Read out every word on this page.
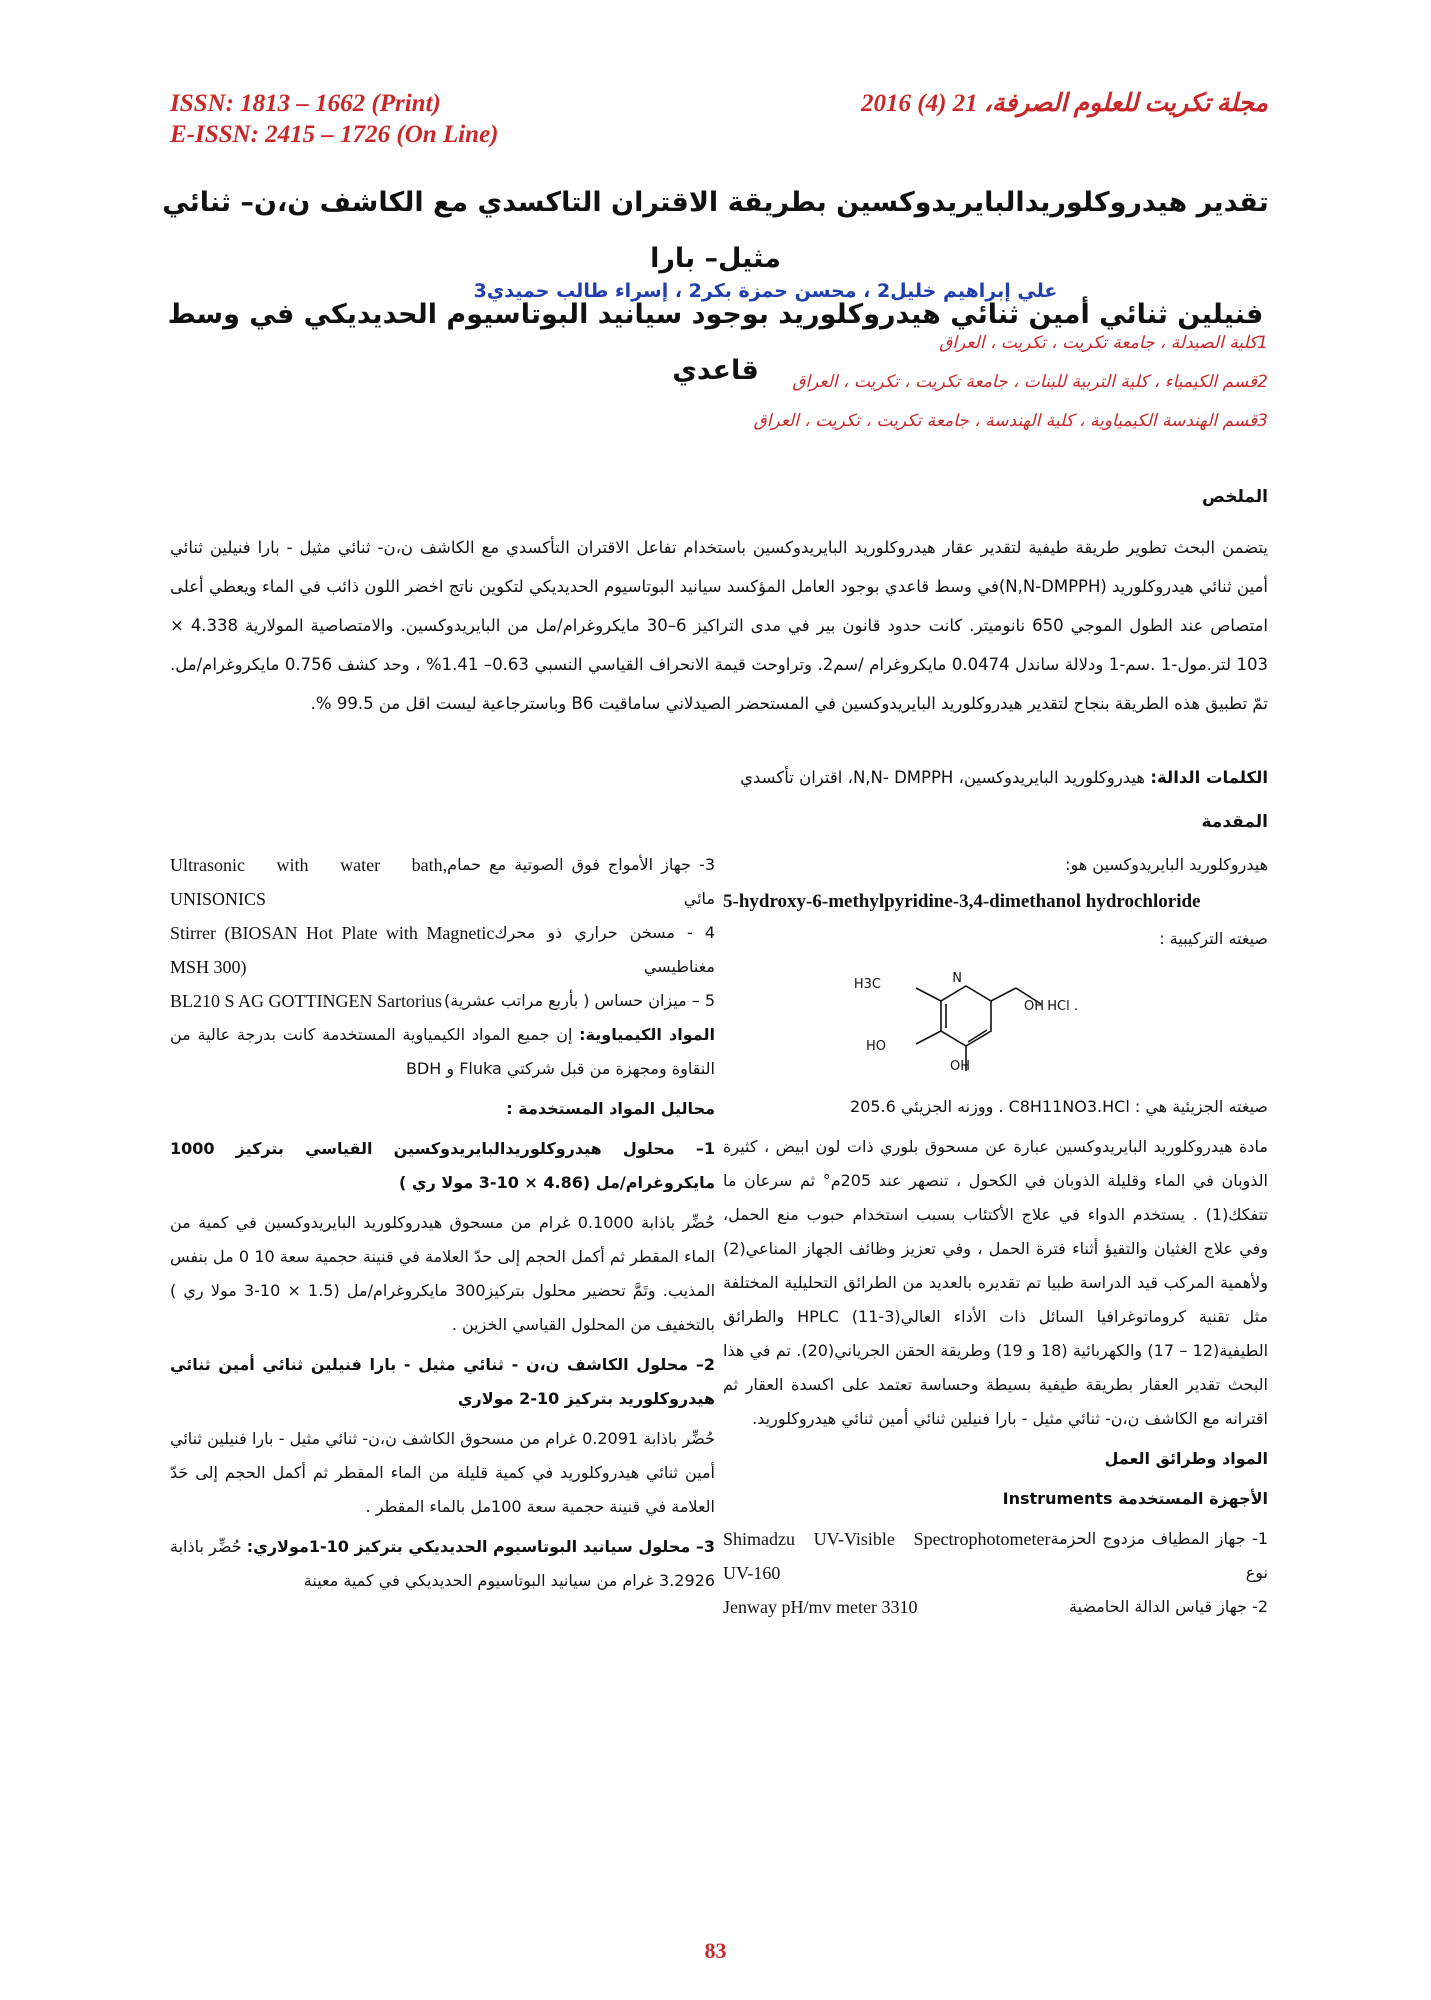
ISSN: 1813 – 1662 (Print)
E-ISSN: 2415 – 1726 (On Line)
مجلة تكريت للعلوم الصرفة، 21 (4) 2016
تقدير هيدروكلوريدالبايريدوكسين بطريقة الاقتران التاكسدي مع الكاشف ن،ن– ثنائي مثيل– بارا
فنيلين ثنائي أمين ثنائي هيدروكلوريد بوجود سيانيد البوتاسيوم الحديديكي في وسط قاعدي
علي إبراهيم خليل2 ، محسن حمزة بكر2 ، إسراء طالب حميدي3
1كلية الصيدلة ، جامعة تكريت ، تكريت ، العراق
2قسم الكيمياء ، كلية التربية للبنات ، جامعة تكريت ، تكريت ، العراق
3قسم الهندسة الكيمياوية ، كلية الهندسة ، جامعة تكريت ، تكريت ، العراق
الملخص

يتضمن البحث تطوير طريقة طيفية لتقدير عقار هيدروكلوريد البايريدوكسين باستخدام تفاعل الاقتران التأكسدي مع الكاشف ن،ن- ثنائي مثيل - بارا فنيلين ثنائي أمين ثنائي هيدروكلوريد (N,N-DMPPH)في وسط قاعدي بوجود العامل المؤكسد سيانيد البوتاسيوم الحديديكي لتكوين ناتج اخضر اللون ذائب في الماء ويعطي أعلى امتصاص عند الطول الموجي 650 نانوميتر. كانت حدود قانون بير في مدى التراكيز 6–30 مايكروغرام/مل من البايريدوكسين. والامتصاصية المولارية 4.338 × 103 لتر.مول-1 .سم-1 ودلالة ساندل 0.0474 مايكروغرام /سم2. وتراوحت قيمة الانحراف القياسي النسبي 0.63– 1.41% ، وحد كشف 0.756 مايكروغرام/مل. تمّ تطبيق هذه الطريقة بنجاح لتقدير هيدروكلوريد البايريدوكسين في المستحضر الصيدلاني ساماقيت B6 وباسترجاعية ليست اقل من 99.5 %.

الكلمات الدالة: هيدروكلوريد البايريدوكسين، N,N- DMPPH، اقتران تأكسدي
المقدمة

هيدروكلوريد البايريدوكسين هو:

5-hydroxy-6-methylpyridine-3,4-dimethanol hydrochloride

صيغته التركيبية :

H3C	N
HO
OH
OH
. HCl

صيغته الجزيئية هي : C8H11NO3.HCl . ووزنه الجزيئي 205.6

مادة هيدروكلوريد البايريدوكسين عبارة عن مسحوق بلوري ذات لون ابيض ، كثيرة الذوبان في الماء وقليلة الذوبان في الكحول ، تنصهر عند 205م° ثم سرعان ما تتفكك(1) . يستخدم الدواء في علاج الأكتئاب بسبب استخدام حبوب منع الحمل، وفي علاج الغثيان والتقيؤ أثناء فترة الحمل ، وفي تعزيز وظائف الجهاز المناعي(2) ولأهمية المركب قيد الدراسة طبيا تم تقديره بالعديد من الطرائق التحليلية المختلفة مثل تقنية كروماتوغرافيا السائل ذات الأداء العالي(3-11) HPLC والطرائق الطيفية(12 – 17) والكهربائية (18 و 19) وطريقة الحقن الجرياني(20). تم في هذا البحث تقدير العقار بطريقة طيفية بسيطة وحساسة تعتمد على اكسدة العقار ثم اقترانه مع الكاشف ن،ن- ثنائي مثيل - بارا فنيلين ثنائي أمين ثنائي هيدروكلوريد.

المواد وطرائق العمل

الأجهزة المستخدمة Instruments

1- جهاز المطياف مزدوج الحزمة نوع
Shimadzu UV-Visible Spectrophotometer UV-160
2- جهاز قياس الدالة الحامضية
Jenway pH/mv meter 3310
3- جهاز الأمواج فوق الصوتية مع حمام مائي
Ultrasonic with water bath, UNISONICS
4 - مسخن حراري ذو محرك مغناطيسي
Stirrer (BIOSAN Hot Plate with Magnetic MSH 300)
5 – ميزان حساس ( بأربع مراتب عشرية)
BL210 S AG GOTTINGEN Sartorius

المواد الكيمياوية: إن جميع المواد الكيمياوية المستخدمة كانت بدرجة عالية من النقاوة ومجهزة من قبل شركتي Fluka و BDH

محاليل المواد المستخدمة :

1– محلول هيدروكلوريدالبايريدوكسين القياسي بتركيز 1000 مايكروغرام/مل (4.86 × 10-3 مولا ري )

حُضِّر باذابة 0.1000 غرام من مسحوق هيدروكلوريد البايريدوكسين في كمية من الماء المقطر ثم أكمل الحجم إلى حدّ العلامة في قنينة حجمية سعة 10 0 مل بنفس المذيب. وتَمَّ تحضير محلول بتركيز300 مايكروغرام/مل (1.5 × 10-3 مولا ري ) بالتخفيف من المحلول القياسي الخزين .

2– محلول الكاشف ن،ن - ثنائي مثيل - بارا فنيلين ثنائي أمين ثنائي هيدروكلوريد بتركيز 10-2 مولاري

حُضِّر باذابة 0.2091 غرام من مسحوق الكاشف ن،ن- ثنائي مثيل - بارا فنيلين ثنائي أمين ثنائي هيدروكلوريد في كمية قليلة من الماء المقطر ثم أكمل الحجم إلى حَدّ العلامة في قنينة حجمية سعة 100مل بالماء المقطر .

3– محلول سيانيد البوتاسيوم الحديديكي بتركيز 10-1مولاري: حُضِّر باذابة 3.2926 غرام من سيانيد البوتاسيوم الحديديكي في كمية معينة

83
